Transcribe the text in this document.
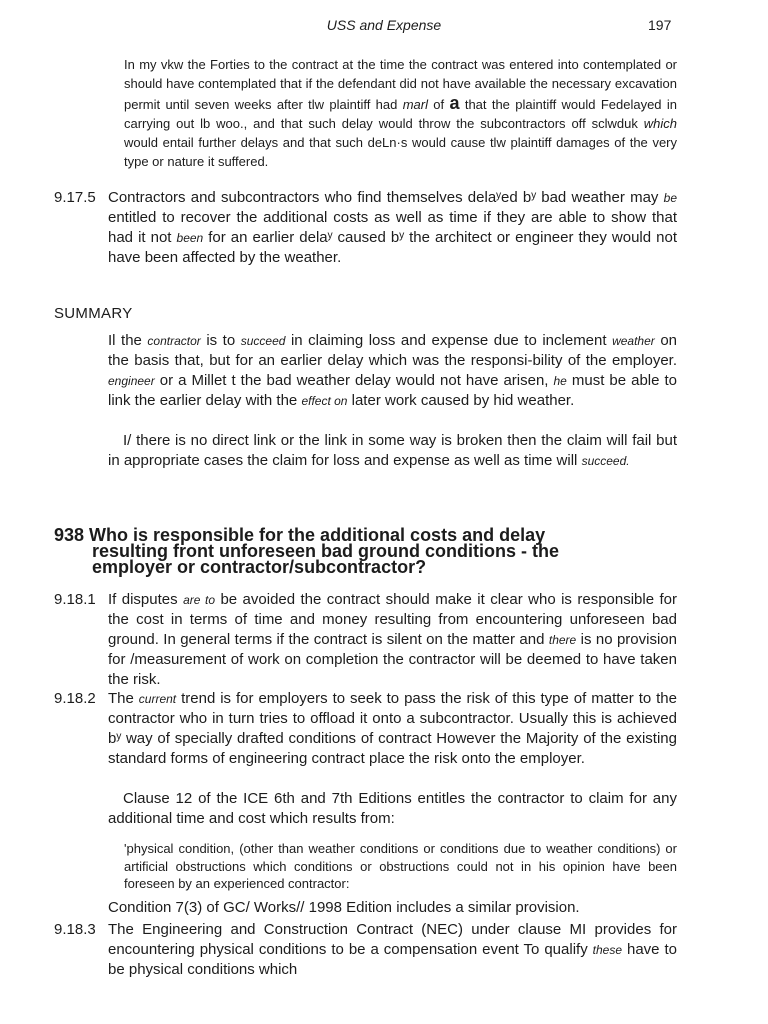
USS and Expense	197
In my vkw the Forties to the contract at the time the contract was entered into contemplated or should have contemplated that if the defendant did not have available the necessary excavation permit until seven weeks after tlw plaintiff had marl of a that the plaintiff would Fedelayed in carrying out lb woo., and that such delay would throw the subcontractors off sclwduk which would entail further delays and that such deLn·s would cause tlw plaintiff damages of the very type or nature it suffered.
9.17.5 Contractors and subcontractors who find themselves delaʸed bʸ bad weather may be entitled to recover the additional costs as well as time if they are able to show that had it not been for an earlier delaʸ caused bʸ the architect or engineer they would not have been affected by the weather.
SUMMARY
Il the contractor is to succeed in claiming loss and expense due to inclement weather on the basis that, but for an earlier delay which was the responsi-bility of the employer. engineer or a Millet t the bad weather delay would not have arisen, he must be able to link the earlier delay with the effect on later work caused by hid weather.
I/ there is no direct link or the link in some way is broken then the claim will fail but in appropriate cases the claim for loss and expense as well as time will succeed.
938 Who is responsible for the additional costs and delay
resulting front unforeseen bad ground conditions - the
employer or contractor/subcontractor?
9.18.1 If disputes are to be avoided the contract should make it clear who is responsible for the cost in terms of time and money resulting from encountering unforeseen bad ground. In general terms if the contract is silent on the matter and there is no provision for /measurement of work on completion the contractor will be deemed to have taken the risk.
9.18.2 The current trend is for employers to seek to pass the risk of this type of matter to the contractor who in turn tries to offload it onto a subcontractor. Usually this is achieved bʸ way of specially drafted conditions of contract However the Majority of the existing standard forms of engineering contract place the risk onto the employer.
Clause 12 of the ICE 6th and 7th Editions entitles the contractor to claim for any additional time and cost which results from:
'physical condition, (other than weather conditions or conditions due to weather conditions) or artificial obstructions which conditions or obstructions could not in his opinion have been foreseen by an experienced contractor:
Condition 7(3) of GC/ Works// 1998 Edition includes a similar provision.
9.18.3 The Engineering and Construction Contract (NEC) under clause MI provides for encountering physical conditions to be a compensation event To qualify these have to be physical conditions which
